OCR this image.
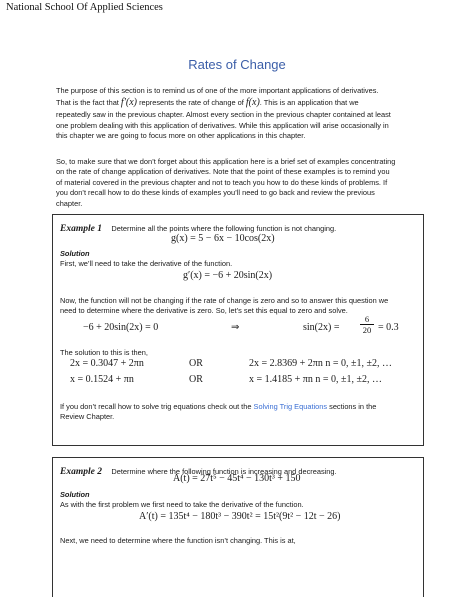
National School Of Applied Sciences
Rates of Change
The purpose of this section is to remind us of one of the more important applications of derivatives.
That is the fact that f′(x) represents the rate of change of f(x). This is an application that we
repeatedly saw in the previous chapter. Almost every section in the previous chapter contained at least
one problem dealing with this application of derivatives. While this application will arise occasionally in
this chapter we are going to focus more on other applications in this chapter.
So, to make sure that we don’t forget about this application here is a brief set of examples concentrating
on the rate of change application of derivatives. Note that the point of these examples is to remind you
of material covered in the previous chapter and not to teach you how to do these kinds of problems. If
you don’t recall how to do these kinds of examples you’ll need to go back and review the previous
chapter.
Example 1 Determine all the points where the following function is not changing.
g(x) = 5 − 6x − 10cos(2x)
Solution
First, we’ll need to take the derivative of the function.
g′(x) = −6 + 20sin(2x)
Now, the function will not be changing if the rate of change is zero and so to answer this question we
need to determine where the derivative is zero. So, let’s set this equal to zero and solve.
−6 + 20sin(2x) = 0	⇒	sin(2x) =
6
20 = 0.3
The solution to this is then,
2x = 0.3047 + 2πn	OR	2x = 2.8369 + 2πn n = 0, ±1, ±2, …
x = 0.1524 + πn	OR	x = 1.4185 + πn n = 0, ±1, ±2, …
If you don’t recall how to solve trig equations check out the Solving Trig Equations sections in the
Review Chapter.
Example 2 Determine where the following function is increasing and decreasing.
A(t) = 27t⁵ − 45t⁴ − 130t³ + 150
Solution
As with the first problem we first need to take the derivative of the function.
A′(t) = 135t⁴ − 180t³ − 390t² = 15t²(9t² − 12t − 26)
Next, we need to determine where the function isn’t changing. This is at,
